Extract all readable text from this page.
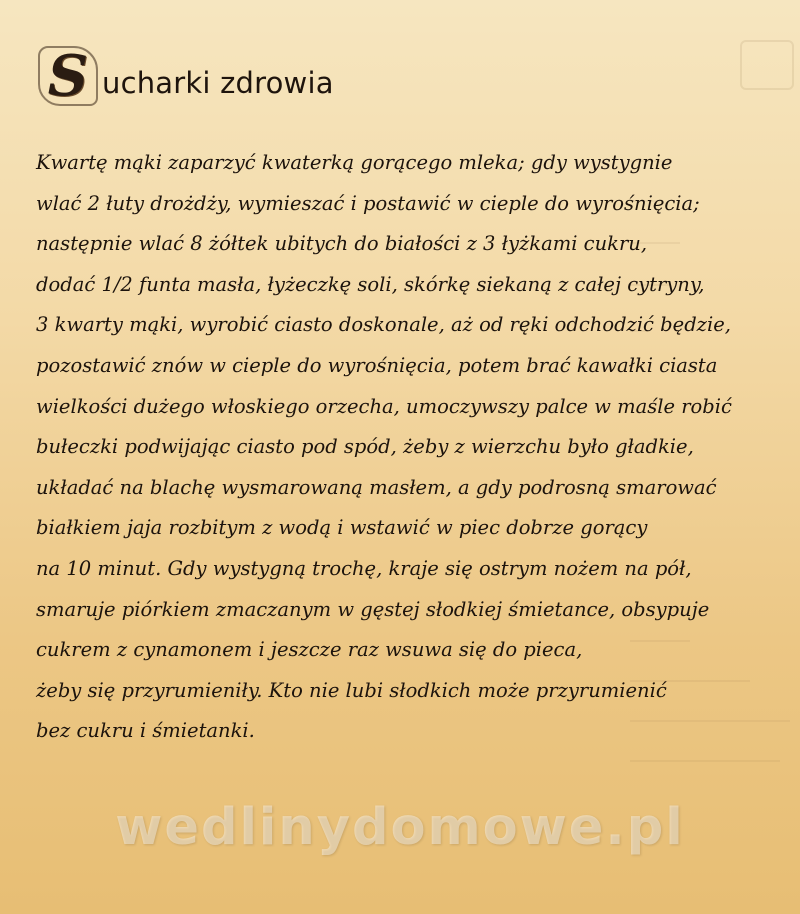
S ucharki zdrowia
Kwartę mąki zaparzyć kwaterką gorącego mleka; gdy wystygnie
wlać 2 łuty drożdży, wymieszać i postawić w cieple do wyrośnięcia;
następnie wlać 8 żółtek ubitych do białości z 3 łyżkami cukru,
dodać 1/2 funta masła, łyżeczkę soli, skórkę siekaną z całej cytryny,
3 kwarty mąki, wyrobić ciasto doskonale, aż od ręki odchodzić będzie,
pozostawić znów w cieple do wyrośnięcia, potem brać kawałki ciasta
wielkości dużego włoskiego orzecha, umoczywszy palce w maśle robić
bułeczki podwijając ciasto pod spód, żeby z wierzchu było gładkie,
układać na blachę wysmarowaną masłem, a gdy podrosną smarować
białkiem jaja rozbitym z wodą i wstawić w piec dobrze gorący
na 10 minut. Gdy wystygną trochę, kraje się ostrym nożem na pół,
smaruje piórkiem zmaczanym w gęstej słodkiej śmietance, obsypuje
cukrem z cynamonem i jeszcze raz wsuwa się do pieca,
żeby się przyrumieniły. Kto nie lubi słodkich może przyrumienić
bez cukru i śmietanki.
wedlinydomowe.pl
